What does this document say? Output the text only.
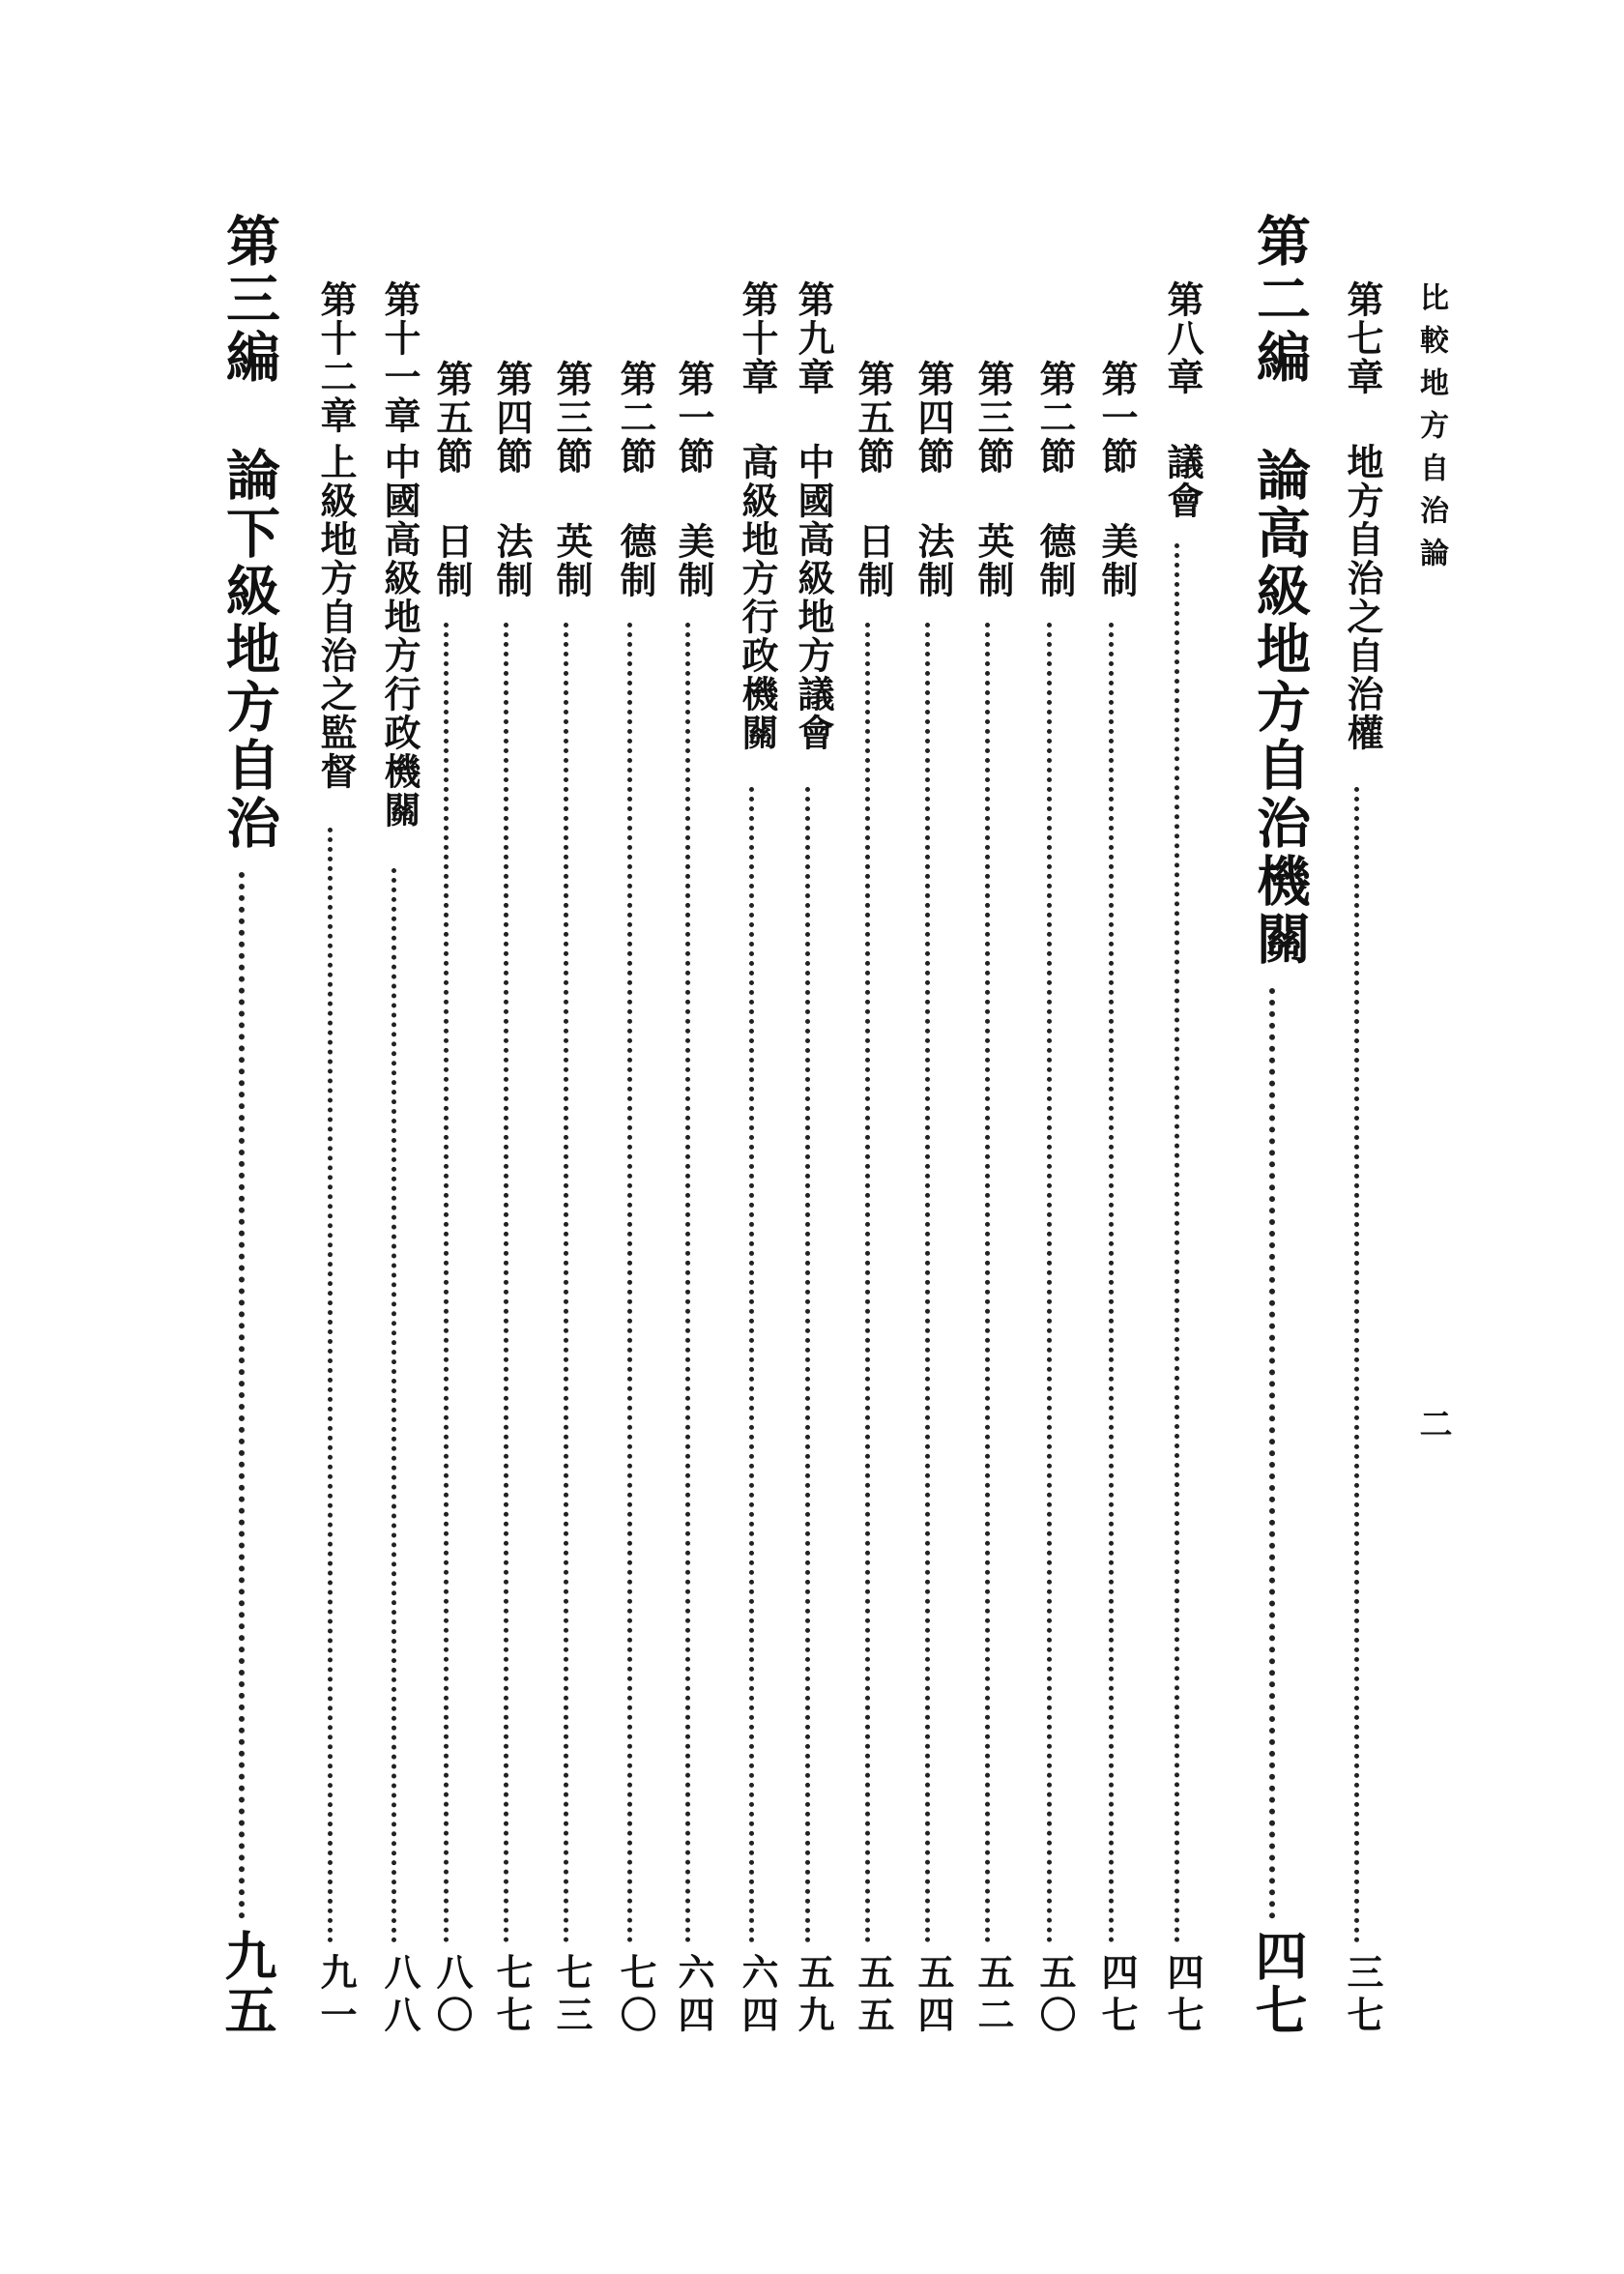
比較地方自治論
二
第七章
地方自治之自治權
三七
第二編
論高級地方自治機關
四七
第八章
議會
四七
第一節
美制
四七
第二節
德制
五〇
第三節
英制
五二
第四節
法制
五四
第五節
日制
五五
第九章
中國高級地方議會
五九
第十章
高級地方行政機關
六四
第一節
美制
六四
第二節
德制
七〇
第三節
英制
七三
第四節
法制
七七
第五節
日制
八〇
第十一章
中國高級地方行政機關
八八
第十二章
上級地方自治之監督
九一
第三編
論下級地方自治
九五
